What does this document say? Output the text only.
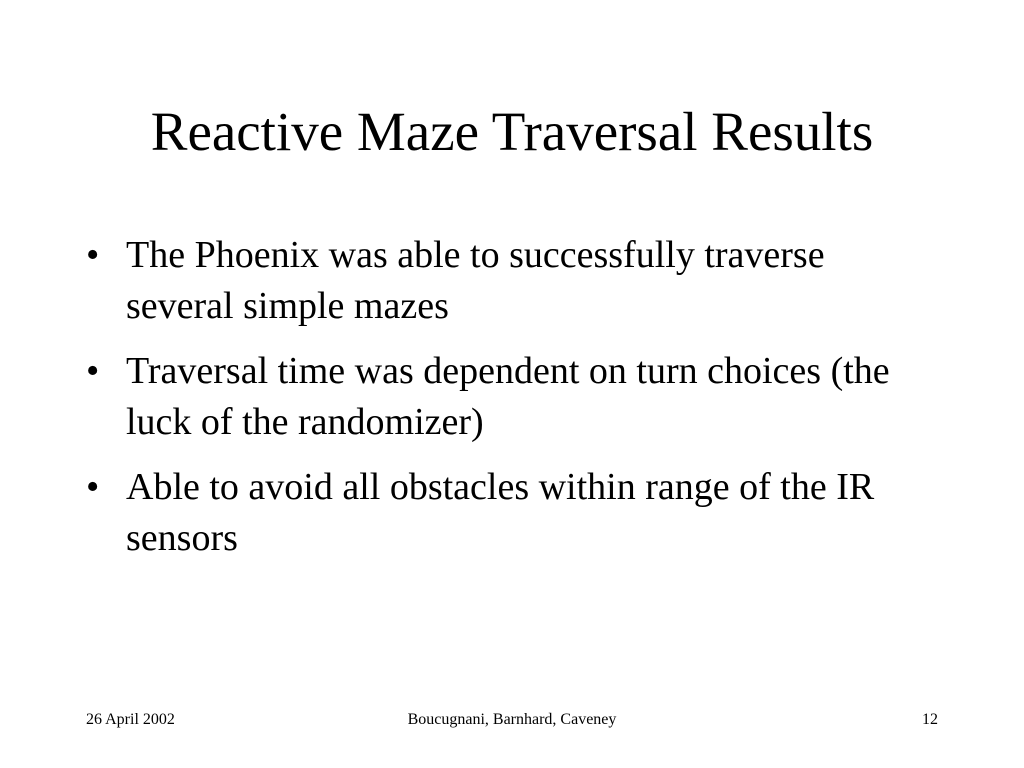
Reactive Maze Traversal Results
• The Phoenix was able to successfully traverse several simple mazes
• Traversal time was dependent on turn choices (the luck of the randomizer)
• Able to avoid all obstacles within range of the IR sensors
26 April 2002	Boucugnani, Barnhard, Caveney	12
